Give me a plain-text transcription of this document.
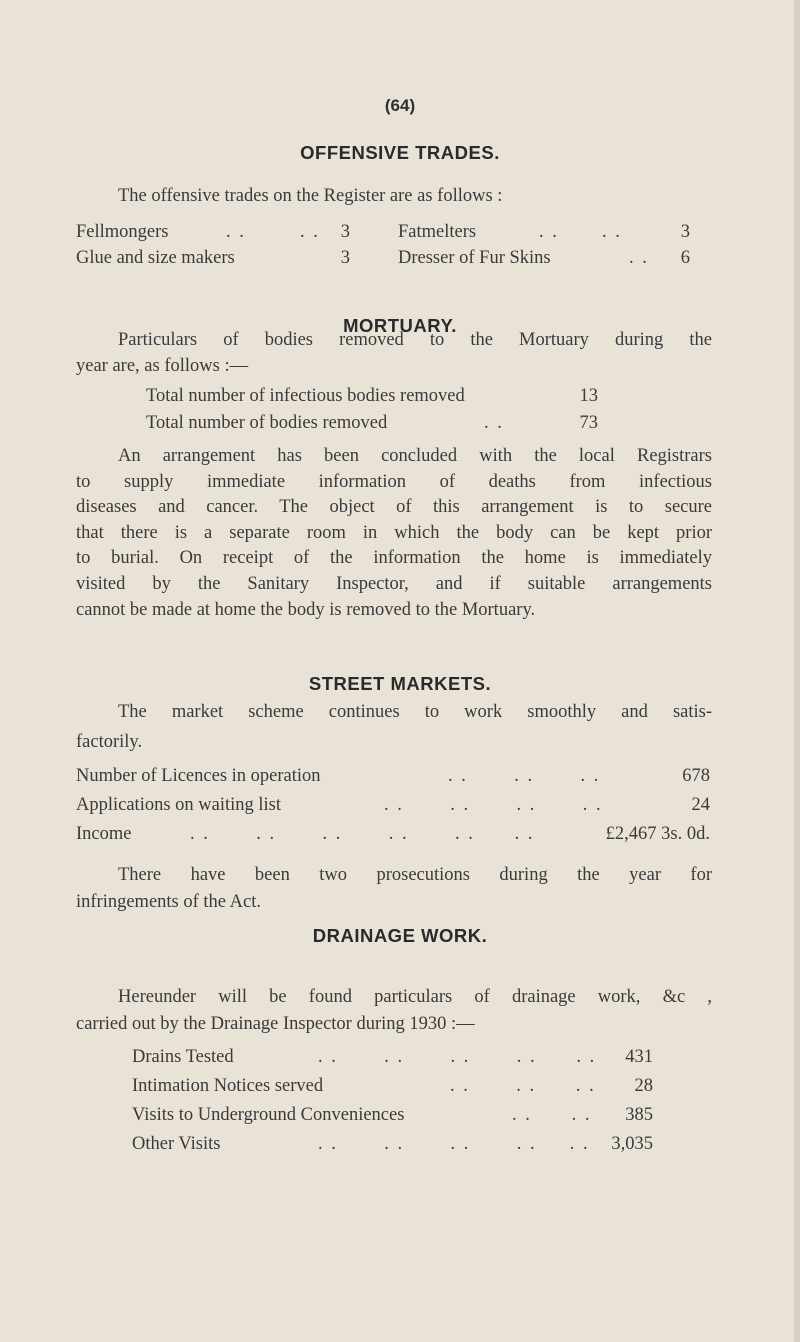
(64)
OFFENSIVE TRADES.
The offensive trades on the Register are as follows :
Fellmongers	. .	. .	3	Fatmelters	. . . .	3
Glue and size makers	3	Dresser of Fur Skins	. .	6
MORTUARY.
Particulars of bodies removed to the Mortuary during the
year are, as follows :—
Total number of infectious bodies removed	13
Total number of bodies removed	. .	73
An arrangement has been concluded with the local Registrars
to supply immediate information of deaths from infectious
diseases and cancer. The object of this arrangement is to secure
that there is a separate room in which the body can be kept prior
to burial. On receipt of the information the home is immediately
visited by the Sanitary Inspector, and if suitable arrangements
cannot be made at home the body is removed to the Mortuary.
STREET MARKETS.
The market scheme continues to work smoothly and satis-
factorily.
Number of Licences in operation	. .       . .       . .	678
Applications on waiting list	. .       . .       . .       . .	24
Income	. .       . .       . .       . .       . .      . .	£2,467 3s. 0d.
There have been two prosecutions during the year for
infringements of the Act.
DRAINAGE WORK.
Hereunder will be found particulars of drainage work, &c ,
carried out by the Drainage Inspector during 1930 :—
Drains Tested	. .       . .       . .       . .      . .	431
Intimation Notices served	. .       . .      . .	28
Visits to Underground Conveniences	. .      . .	385
Other Visits	. .       . .       . .       . .     . .	3,035
